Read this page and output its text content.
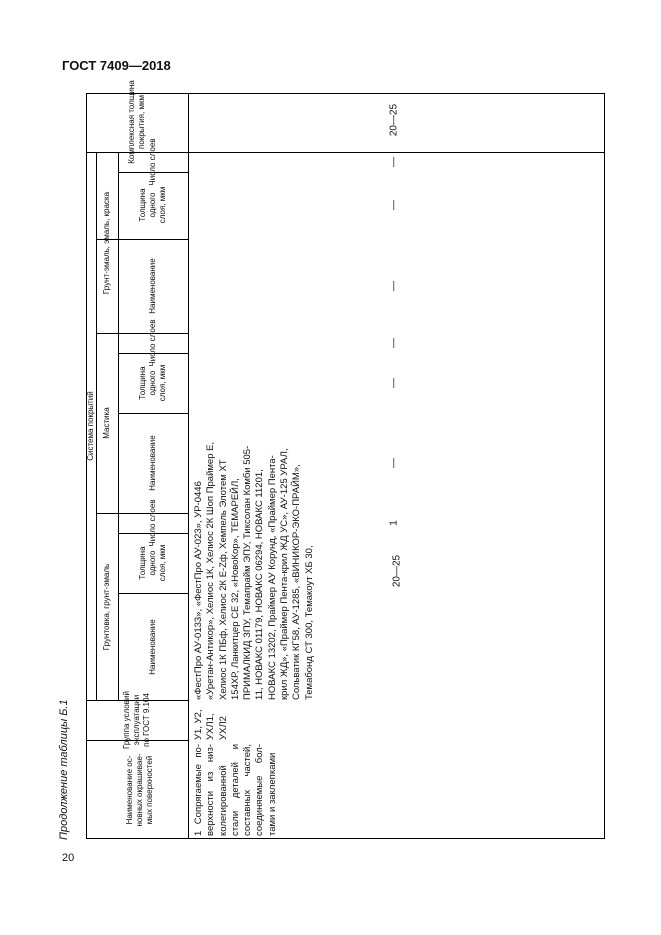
ГОСТ 7409—2018
Продолжение таблицы Б.1
20
Наименование ос-
новных окрашивае-
мых поверхностей
Группа условий
эксплуатации
по ГОСТ 9.104
Система покрытий
Грунтовка, грунт-эмаль
Мастика
Грунт-эмаль, эмаль, краска
Наименование
Толщина
одного
слоя, мкм
Число слоев
Наименование
Толщина
одного
слоя, мкм
Число слоев
Наименование
Толщина
одного
слоя, мкм
Число слоев
Комплексная толщина
покрытия, мкм
1 Сопрягаемые по-верхности из низ-колегированной стали деталей и составных частей, соединяемые бол-тами и заклепками
У1, У2, УХЛ1, УХЛ2
«ФестПро АУ-0133», «ФестПро АУ-023», УР-0446 «Уретан-Антикор», Хелиос 1К, Хелиос 2К Шоп Праймер Е, Хелиос 1К ПБф, Хелиос 2К Е-Zф, Хемпель Элотем ХТ 154ХР, Ланкитцер СЕ 32, «НовоКор», ТЕМАРЕЙЛ, ПРИМАЛКИД ЗПУ, Темапрайм ЭПУ, Тиксолан Комби 505-11, НОВАКС 01179, НОВАКС 06294, НОВАКС 11201, НОВАКС 13202, Праймер АУ Корунд, «Праймер Пента-крил ЖД», «Праймер Пента-крил ЖД УС», АУ-125 УРАЛ, Сольватик КГ58, АУ-1285, «ВИНИКОР-ЭКО-ПРАЙМ», Темабонд СТ 300, Темакоут ХБ 30,	20—25
1
—
—
—
—
—
—
20—25
